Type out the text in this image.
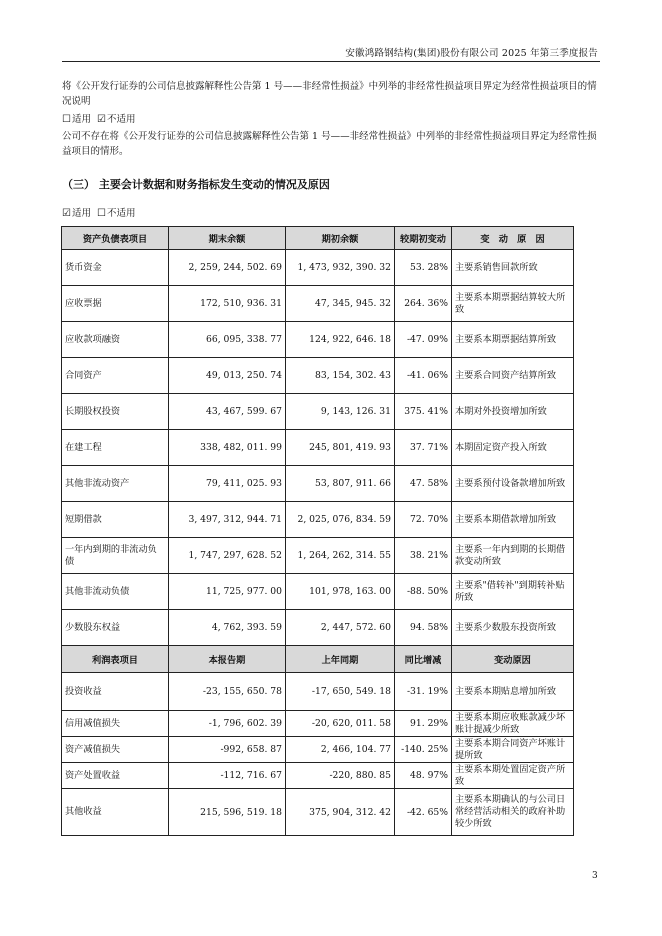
安徽鸿路钢结构(集团)股份有限公司 2025 年第三季度报告

将《公开发行证券的公司信息披露解释性公告第 1 号——非经常性损益》中列举的非经常性损益项目界定为经常性损益项目的情况说明

☐适用 ☑不适用

公司不存在将《公开发行证券的公司信息披露解释性公告第 1 号——非经常性损益》中列举的非经常性损益项目界定为经常性损益项目的情形。

（三） 主要会计数据和财务指标发生变动的情况及原因

☑适用 ☐不适用

资产负债表项目	期末余额	期初余额	较期初变动	变　动　原　因
货币资金	2, 259, 244, 502. 69	1, 473, 932, 390. 32	53. 28%	主要系销售回款所致
应收票据	172, 510, 936. 31	47, 345, 945. 32	264. 36%	主要系本期票据结算较大所致
应收款项融资	66, 095, 338. 77	124, 922, 646. 18	-47. 09%	主要系本期票据结算所致
合同资产	49, 013, 250. 74	83, 154, 302. 43	-41. 06%	主要系合同资产结算所致
长期股权投资	43, 467, 599. 67	9, 143, 126. 31	375. 41%	本期对外投资增加所致
在建工程	338, 482, 011. 99	245, 801, 419. 93	37. 71%	本期固定资产投入所致
其他非流动资产	79, 411, 025. 93	53, 807, 911. 66	47. 58%	主要系预付设备款增加所致
短期借款	3, 497, 312, 944. 71	2, 025, 076, 834. 59	72. 70%	主要系本期借款增加所致
一年内到期的非流动负债	1, 747, 297, 628. 52	1, 264, 262, 314. 55	38. 21%	主要系一年内到期的长期借款变动所致
其他非流动负债	11, 725, 977. 00	101, 978, 163. 00	-88. 50%	主要系"借转补"到期转补贴所致
少数股东权益	4, 762, 393. 59	2, 447, 572. 60	94. 58%	主要系少数股东投资所致
利润表项目	本报告期	上年同期	同比增减	变动原因
投资收益	-23, 155, 650. 78	-17, 650, 549. 18	-31. 19%	主要系本期贴息增加所致
信用减值损失	-1, 796, 602. 39	-20, 620, 011. 58	91. 29%	主要系本期应收账款减少坏账计提减少所致
资产减值损失	-992, 658. 87	2, 466, 104. 77	-140. 25%	主要系本期合同资产坏账计提所致
资产处置收益	-112, 716. 67	-220, 880. 85	48. 97%	主要系本期处置固定资产所致
其他收益	215, 596, 519. 18	375, 904, 312. 42	-42. 65%	主要系本期确认的与公司日常经营活动相关的政府补助较少所致
3
